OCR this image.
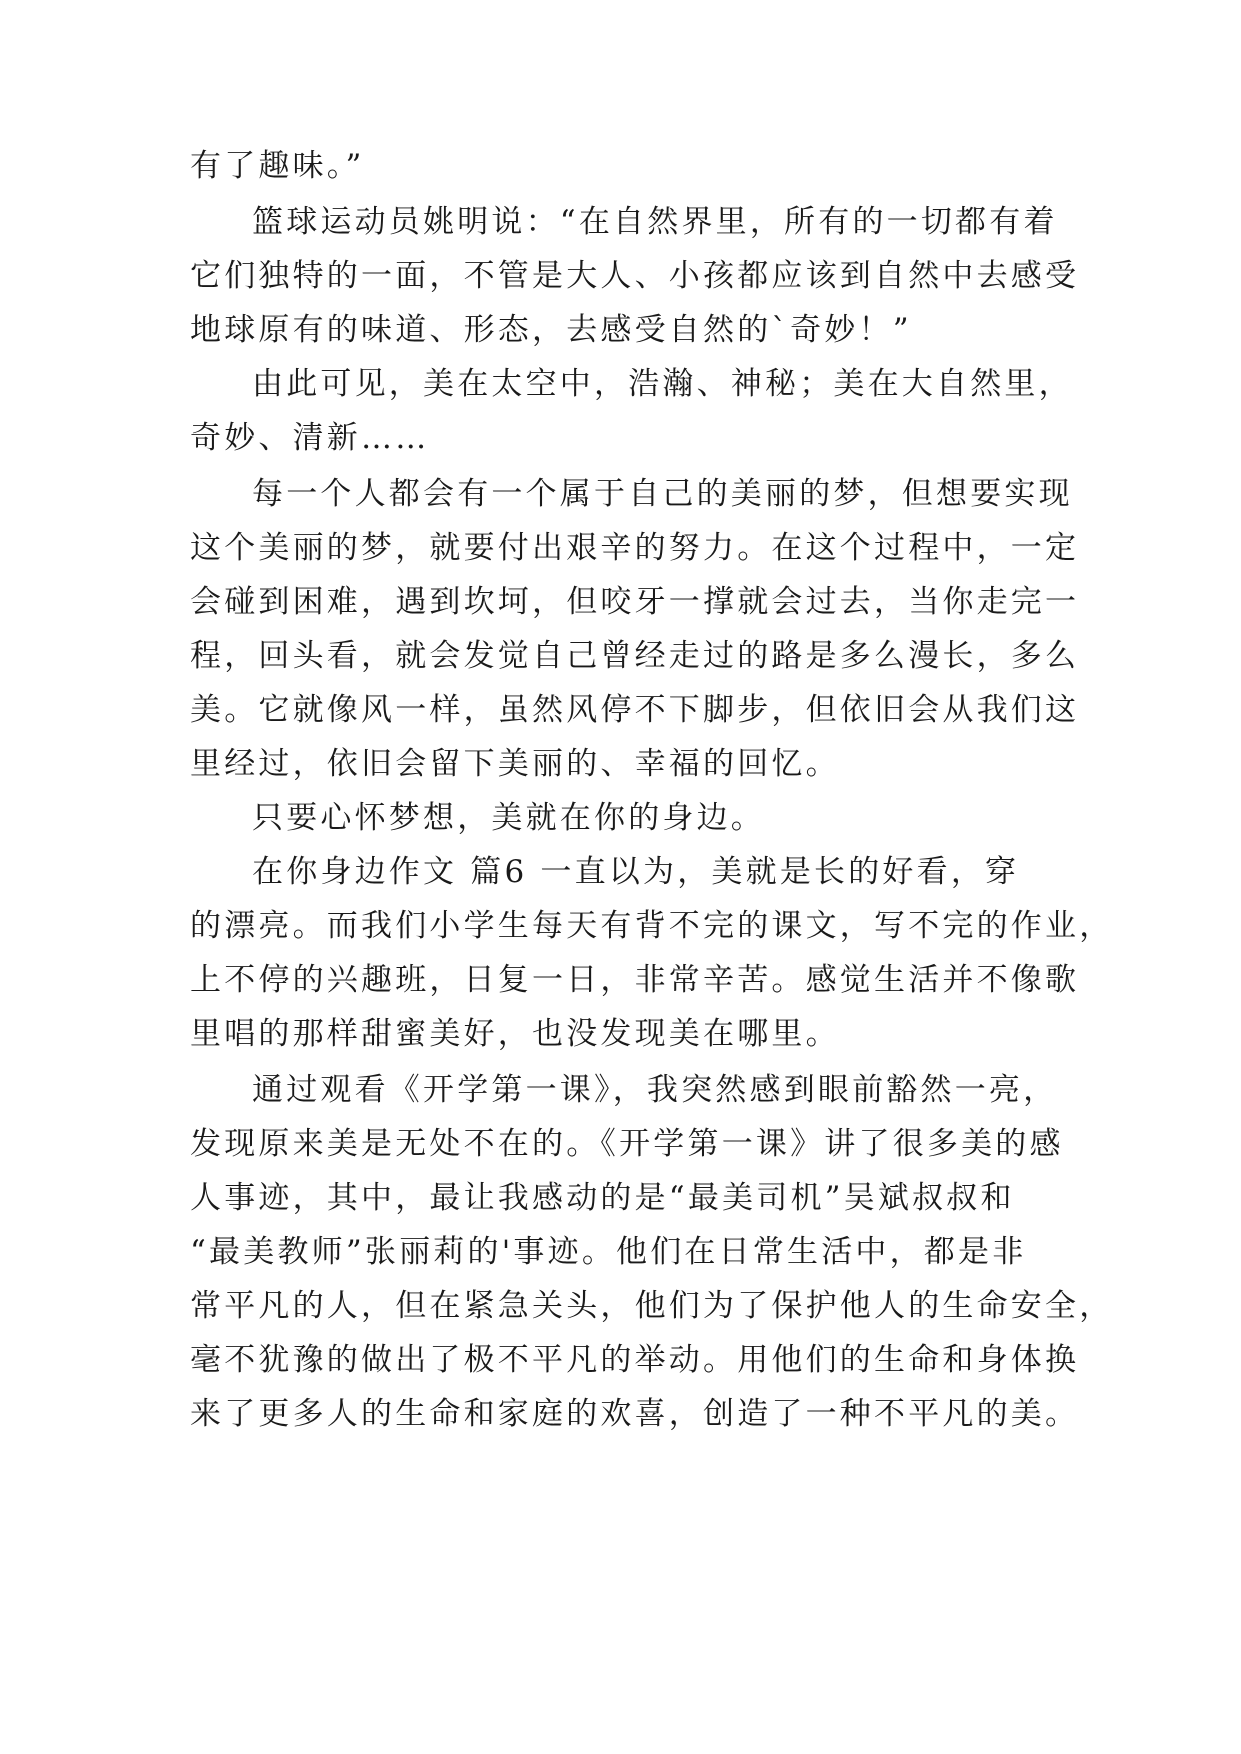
有了趣味。”
篮球运动员姚明说：“在自然界里，所有的一切都有着
它们独特的一面，不管是大人、小孩都应该到自然中去感受
地球原有的味道、形态，去感受自然的`奇妙！”
由此可见，美在太空中，浩瀚、神秘；美在大自然里，
奇妙、清新……
每一个人都会有一个属于自己的美丽的梦，但想要实现
这个美丽的梦，就要付出艰辛的努力。在这个过程中，一定
会碰到困难，遇到坎坷，但咬牙一撑就会过去，当你走完一
程，回头看，就会发觉自己曾经走过的路是多么漫长，多么
美。它就像风一样，虽然风停不下脚步，但依旧会从我们这
里经过，依旧会留下美丽的、幸福的回忆。
只要心怀梦想，美就在你的身边。
在你身边作文 篇6 一直以为，美就是长的好看，穿
的漂亮。而我们小学生每天有背不完的课文，写不完的作业，
上不停的兴趣班，日复一日，非常辛苦。感觉生活并不像歌
里唱的那样甜蜜美好，也没发现美在哪里。
通过观看《开学第一课》，我突然感到眼前豁然一亮，
发现原来美是无处不在的。《开学第一课》讲了很多美的感
人事迹，其中，最让我感动的是“最美司机”吴斌叔叔和
“最美教师”张丽莉的'事迹。他们在日常生活中，都是非
常平凡的人，但在紧急关头，他们为了保护他人的生命安全，
毫不犹豫的做出了极不平凡的举动。用他们的生命和身体换
来了更多人的生命和家庭的欢喜，创造了一种不平凡的美。
